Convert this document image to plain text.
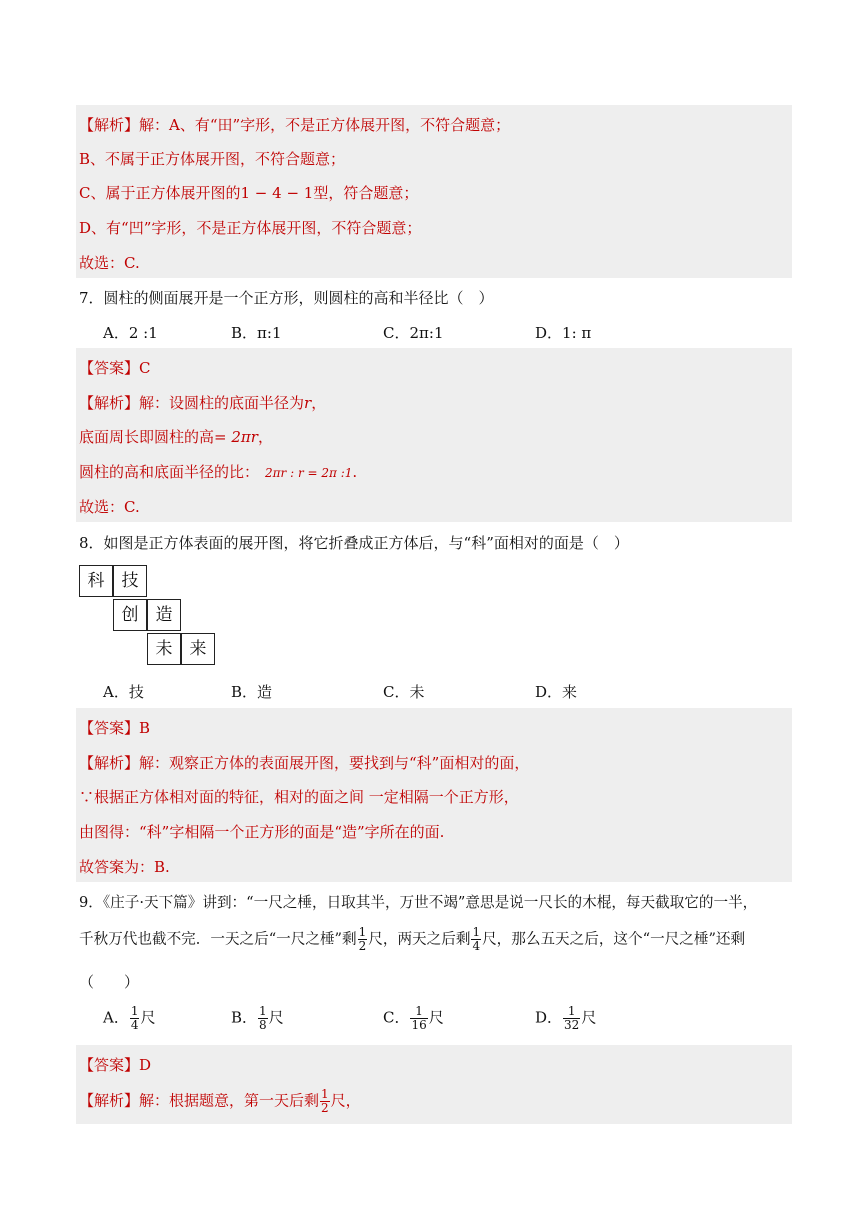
【解析】解：A、有“田”字形，不是正方体展开图，不符合题意；
B、不属于正方体展开图，不符合题意；
C、属于正方体展开图的1 − 4 − 1型，符合题意；
D、有“凹”字形，不是正方体展开图，不符合题意；
故选：C.
7．圆柱的侧面展开是一个正方形，则圆柱的高和半径比（　）
A．2 :1	B．π:1	C．2π:1	D．1: π
【答案】C
【解析】解：设圆柱的底面半径为r，
底面周长即圆柱的高= 2πr，
圆柱的高和底面半径的比： 2πr : r = 2π :1.
故选：C.
8．如图是正方体表面的展开图，将它折叠成正方体后，与“科”面相对的面是（　）
科	技
创	造
未	来
A．技	B．造	C．未	D．来
【答案】B
【解析】解：观察正方体的表面展开图，要找到与“科”面相对的面，
∵根据正方体相对面的特征，相对的面之间 一定相隔一个正方形，
由图得：“科”字相隔一个正方形的面是“造”字所在的面.
故答案为：B.
9．《庄子·天下篇》讲到：“一尺之棰，日取其半，万世不竭”意思是说一尺长的木棍，每天截取它的一半，
千秋万代也截不完．一天之后“一尺之棰”剩 $\frac{1}{2}$ 尺，两天之后剩 $\frac{1}{4}$ 尺，那么五天之后，这个“一尺之棰”还剩
（　　）
A． $\frac{1}{4}$ 尺	B． $\frac{1}{8}$ 尺	C． $\frac{1}{16}$ 尺	D． $\frac{1}{32}$ 尺
【答案】D
【解析】解：根据题意，第一天后剩 $\frac{1}{2}$ 尺，
